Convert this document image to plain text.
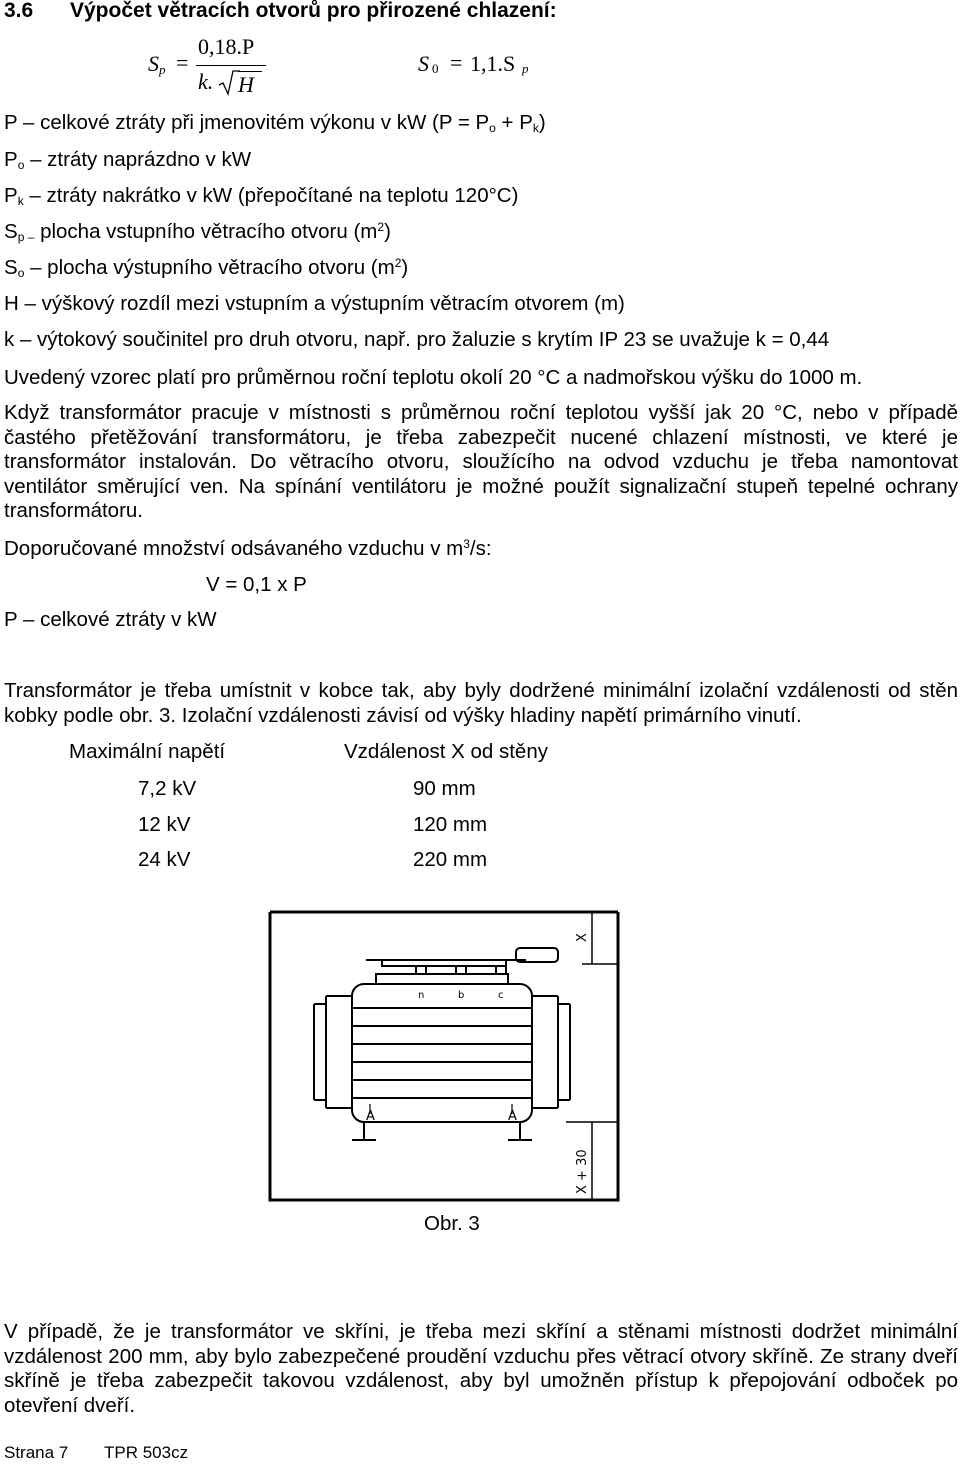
3.6 Výpočet větracích otvorů pro přirozené chlazení:
$S_p$ =
0,18.P
k. H
S 0 = 1,1.S p
P – celkové ztráty při jmenovitém výkonu v kW $(P = P_o + P_k)$
$P_o$ – ztráty naprázdno v kW
$P_k$ – ztráty nakrátko v kW (přepočítané na teplotu 120°C)
$S_{p -}$ plocha vstupního větracího otvoru $(m^2)$
$S_o$ – plocha výstupního větracího otvoru $(m^2)$
H – výškový rozdíl mezi vstupním a výstupním větracím otvorem (m)
k – výtokový součinitel pro druh otvoru, např. pro žaluzie s krytím IP 23 se uvažuje k = 0,44
Uvedený vzorec platí pro průměrnou roční teplotu okolí 20 °C a nadmořskou výšku do 1000 m.
Když transformátor pracuje v místnosti s průměrnou roční teplotou vyšší jak 20 °C, nebo v případě častého přetěžování transformátoru, je třeba zabezpečit nucené chlazení místnosti, ve které je transformátor instalován. Do větracího otvoru, sloužícího na odvod vzduchu je třeba namontovat ventilátor směrující ven. Na spínání ventilátoru je možné použít signalizační stupeň tepelné ochrany transformátoru.
Doporučované množství odsávaného vzduchu v $m^3/s$:
V = 0,1 x P
P – celkové ztráty v kW
Transformátor je třeba umístnit v kobce tak, aby byly dodržené minimální izolační vzdálenosti od stěn kobky podle obr. 3. Izolační vzdálenosti závisí od výšky hladiny napětí primárního vinutí.
Maximální napětí	Vzdálenost X od stěny
7,2 kV	90 mm
12 kV	120 mm
24 kV	220 mm
X
X + 30
A	A
n	b	c
Obr. 3
V případě, že je transformátor ve skříni, je třeba mezi skříní a stěnami místnosti dodržet minimální vzdálenost 200 mm, aby bylo zabezpečené proudění vzduchu přes větrací otvory skříně. Ze strany dveří skříně je třeba zabezpečit takovou vzdálenost, aby byl umožněn přístup k přepojování odboček po otevření dveří.
Strana 7 TPR 503cz
